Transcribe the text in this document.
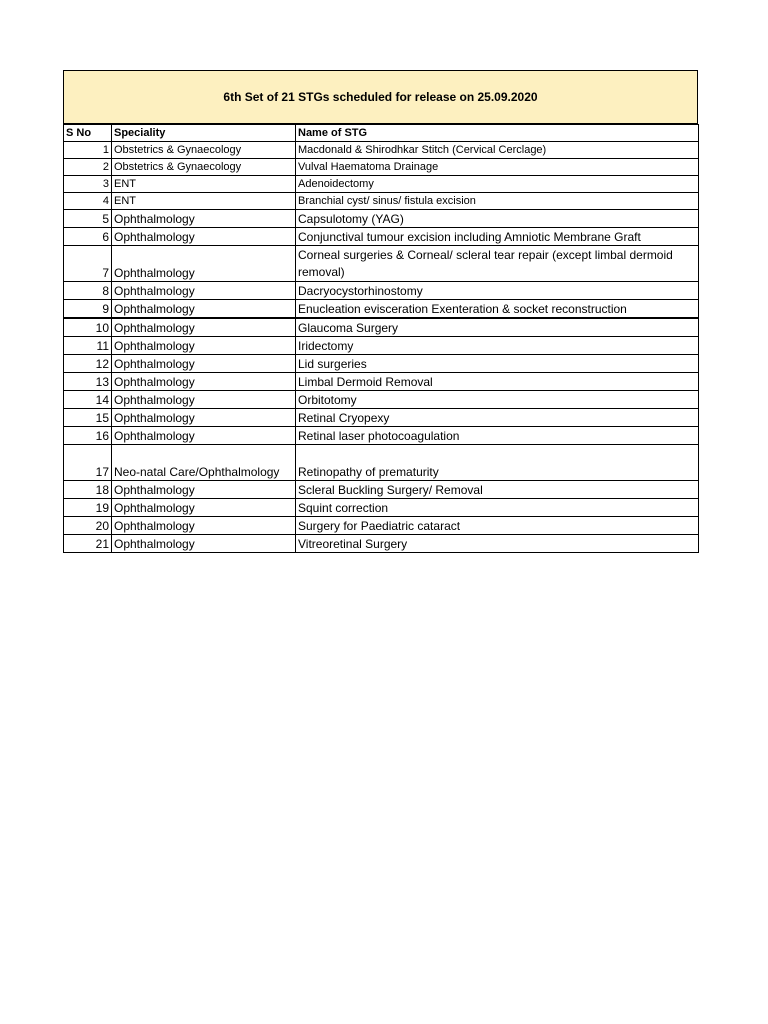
6th Set of 21 STGs scheduled for release on 25.09.2020
S No	Speciality	Name of STG
1	Obstetrics & Gynaecology	Macdonald & Shirodhkar Stitch (Cervical Cerclage)
2	Obstetrics & Gynaecology	Vulval Haematoma Drainage
3	ENT	Adenoidectomy
4	ENT	Branchial cyst/ sinus/ fistula excision
5	Ophthalmology	Capsulotomy (YAG)
6	Ophthalmology	Conjunctival tumour excision including Amniotic Membrane Graft
7	Ophthalmology	Corneal surgeries & Corneal/ scleral tear repair (except limbal dermoid removal)
8	Ophthalmology	Dacryocystorhinostomy
9	Ophthalmology	Enucleation evisceration Exenteration & socket reconstruction
10	Ophthalmology	Glaucoma Surgery
11	Ophthalmology	Iridectomy
12	Ophthalmology	Lid surgeries
13	Ophthalmology	Limbal Dermoid Removal
14	Ophthalmology	Orbitotomy
15	Ophthalmology	Retinal Cryopexy
16	Ophthalmology	Retinal laser photocoagulation
17	Neo-natal Care/Ophthalmology	Retinopathy of prematurity
18	Ophthalmology	Scleral Buckling Surgery/ Removal
19	Ophthalmology	Squint correction
20	Ophthalmology	Surgery for Paediatric cataract
21	Ophthalmology	Vitreoretinal Surgery
